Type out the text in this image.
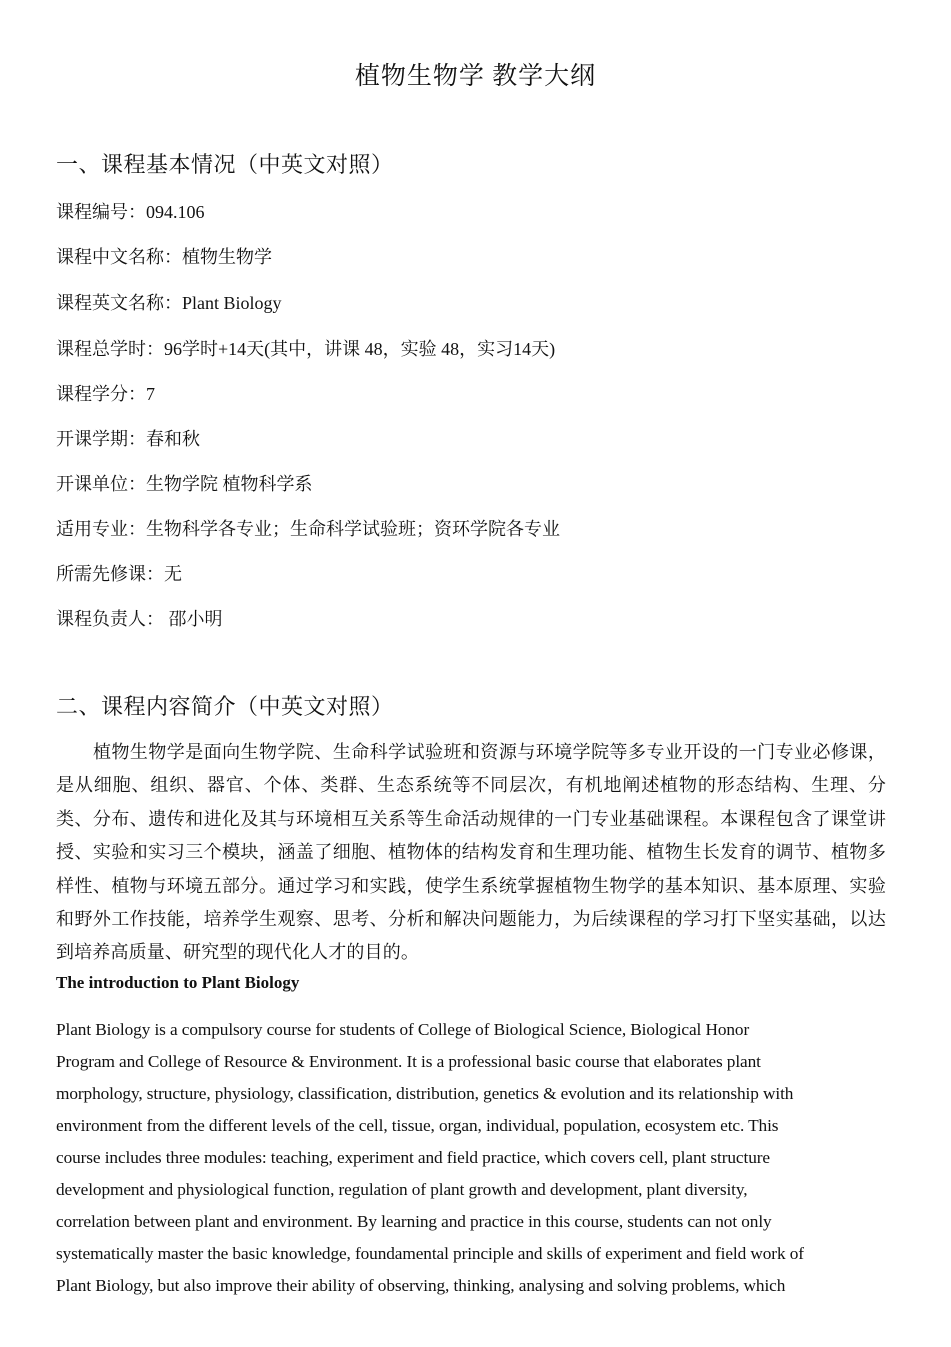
植物生物学 教学大纲
一、课程基本情况（中英文对照）
课程编号：094.106
课程中文名称：植物生物学
课程英文名称：Plant Biology
课程总学时：96学时+14天(其中，讲课 48，实验 48，实习14天)
课程学分：7
开课学期：春和秋
开课单位：生物学院 植物科学系
适用专业：生物科学各专业；生命科学试验班；资环学院各专业
所需先修课：无
课程负责人： 邵小明
二、课程内容简介（中英文对照）

植物生物学是面向生物学院、生命科学试验班和资源与环境学院等多专业开设的一门专业必修课，是从细胞、组织、器官、个体、类群、生态系统等不同层次，有机地阐述植物的形态结构、生理、分类、分布、遗传和进化及其与环境相互关系等生命活动规律的一门专业基础课程。本课程包含了课堂讲授、实验和实习三个模块，涵盖了细胞、植物体的结构发育和生理功能、植物生长发育的调节、植物多样性、植物与环境五部分。通过学习和实践，使学生系统掌握植物生物学的基本知识、基本原理、实验和野外工作技能，培养学生观察、思考、分析和解决问题能力，为后续课程的学习打下坚实基础，以达到培养高质量、研究型的现代化人才的目的。

The introduction to Plant Biology
Plant Biology is a compulsory course for students of College of Biological Science, Biological Honor
Program and College of Resource & Environment. It is a professional basic course that elaborates plant
morphology, structure, physiology, classification, distribution, genetics & evolution and its relationship with
environment from the different levels of the cell, tissue, organ, individual, population, ecosystem etc. This
course includes three modules: teaching, experiment and field practice, which covers cell, plant structure
development and physiological function, regulation of plant growth and development, plant diversity,
correlation between plant and environment. By learning and practice in this course, students can not only
systematically master the basic knowledge, foundamental principle and skills of experiment and field work of
Plant Biology, but also improve their ability of observing, thinking, analysing and solving problems, which
